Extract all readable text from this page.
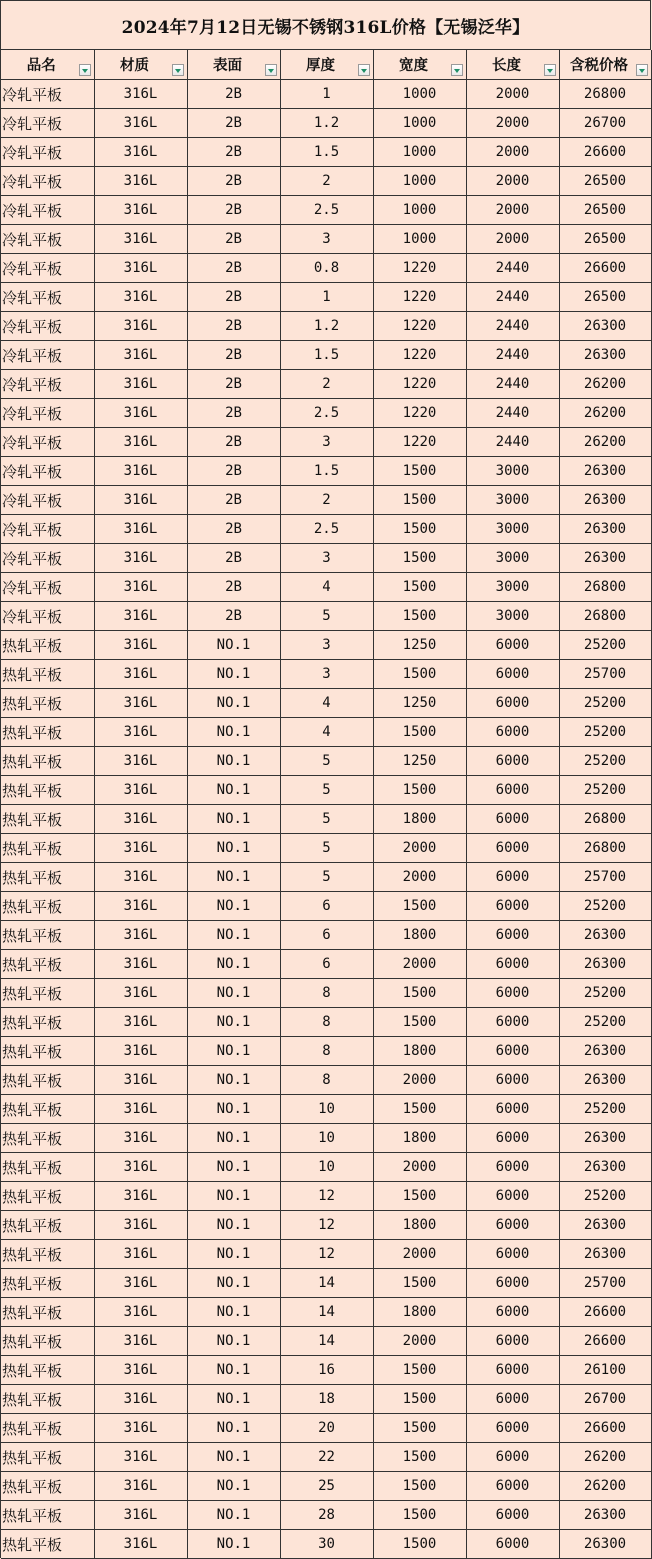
2024年7月12日无锡不锈钢316L价格【无锡泛华】
品名	材质	表面	厚度	宽度	长度	含税价格

冷轧平板	316L	2B	1	1000	2000	26800
冷轧平板	316L	2B	1.2	1000	2000	26700
冷轧平板	316L	2B	1.5	1000	2000	26600
冷轧平板	316L	2B	2	1000	2000	26500
冷轧平板	316L	2B	2.5	1000	2000	26500
冷轧平板	316L	2B	3	1000	2000	26500
冷轧平板	316L	2B	0.8	1220	2440	26600
冷轧平板	316L	2B	1	1220	2440	26500
冷轧平板	316L	2B	1.2	1220	2440	26300
冷轧平板	316L	2B	1.5	1220	2440	26300
冷轧平板	316L	2B	2	1220	2440	26200
冷轧平板	316L	2B	2.5	1220	2440	26200
冷轧平板	316L	2B	3	1220	2440	26200
冷轧平板	316L	2B	1.5	1500	3000	26300
冷轧平板	316L	2B	2	1500	3000	26300
冷轧平板	316L	2B	2.5	1500	3000	26300
冷轧平板	316L	2B	3	1500	3000	26300
冷轧平板	316L	2B	4	1500	3000	26800
冷轧平板	316L	2B	5	1500	3000	26800
热轧平板	316L	NO.1	3	1250	6000	25200
热轧平板	316L	NO.1	3	1500	6000	25700
热轧平板	316L	NO.1	4	1250	6000	25200
热轧平板	316L	NO.1	4	1500	6000	25200
热轧平板	316L	NO.1	5	1250	6000	25200
热轧平板	316L	NO.1	5	1500	6000	25200
热轧平板	316L	NO.1	5	1800	6000	26800
热轧平板	316L	NO.1	5	2000	6000	26800
热轧平板	316L	NO.1	5	2000	6000	25700
热轧平板	316L	NO.1	6	1500	6000	25200
热轧平板	316L	NO.1	6	1800	6000	26300
热轧平板	316L	NO.1	6	2000	6000	26300
热轧平板	316L	NO.1	8	1500	6000	25200
热轧平板	316L	NO.1	8	1500	6000	25200
热轧平板	316L	NO.1	8	1800	6000	26300
热轧平板	316L	NO.1	8	2000	6000	26300
热轧平板	316L	NO.1	10	1500	6000	25200
热轧平板	316L	NO.1	10	1800	6000	26300
热轧平板	316L	NO.1	10	2000	6000	26300
热轧平板	316L	NO.1	12	1500	6000	25200
热轧平板	316L	NO.1	12	1800	6000	26300
热轧平板	316L	NO.1	12	2000	6000	26300
热轧平板	316L	NO.1	14	1500	6000	25700
热轧平板	316L	NO.1	14	1800	6000	26600
热轧平板	316L	NO.1	14	2000	6000	26600
热轧平板	316L	NO.1	16	1500	6000	26100
热轧平板	316L	NO.1	18	1500	6000	26700
热轧平板	316L	NO.1	20	1500	6000	26600
热轧平板	316L	NO.1	22	1500	6000	26200
热轧平板	316L	NO.1	25	1500	6000	26200
热轧平板	316L	NO.1	28	1500	6000	26300
热轧平板	316L	NO.1	30	1500	6000	26300
